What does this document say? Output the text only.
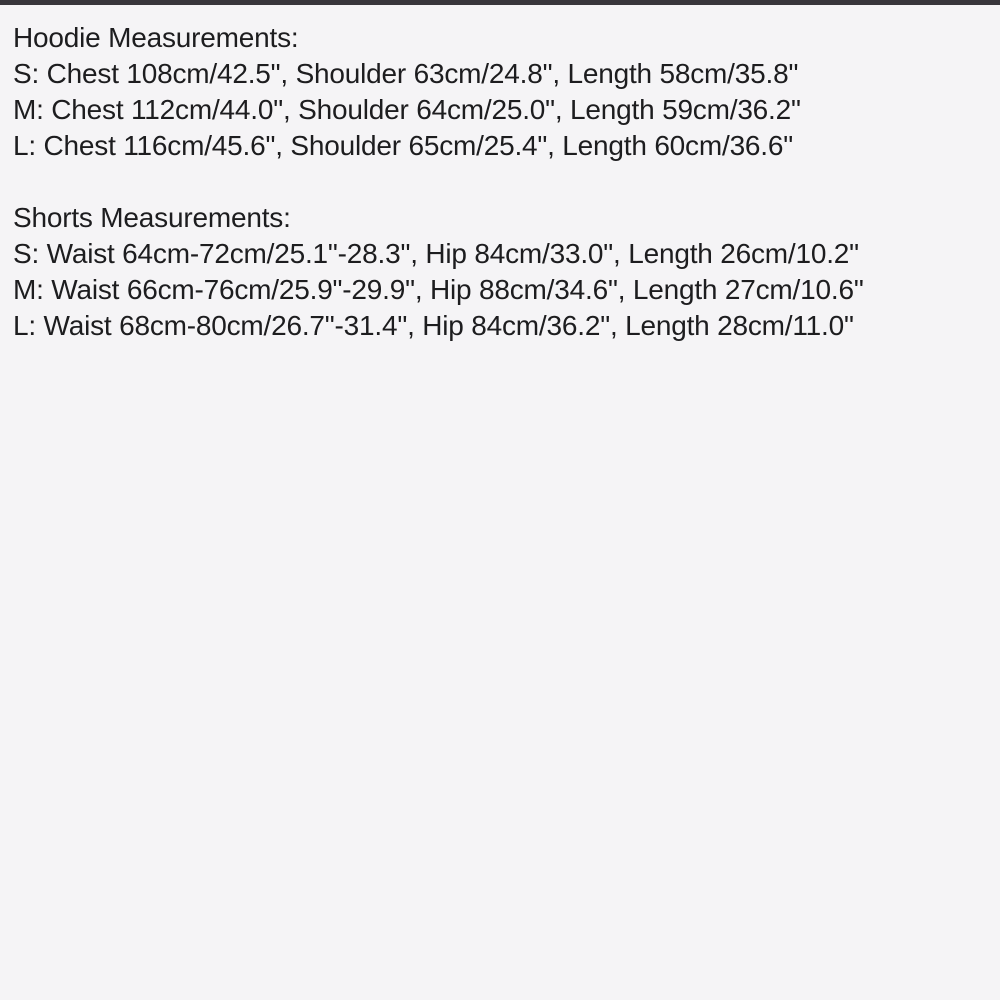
Hoodie Measurements:
S: Chest 108cm/42.5", Shoulder 63cm/24.8", Length 58cm/35.8"
M: Chest 112cm/44.0", Shoulder 64cm/25.0", Length 59cm/36.2"
L: Chest 116cm/45.6", Shoulder 65cm/25.4", Length 60cm/36.6"
Shorts Measurements:
S: Waist 64cm-72cm/25.1"-28.3", Hip 84cm/33.0", Length 26cm/10.2"
M: Waist 66cm-76cm/25.9"-29.9", Hip 88cm/34.6", Length 27cm/10.6"
L: Waist 68cm-80cm/26.7"-31.4", Hip 84cm/36.2", Length 28cm/11.0"
